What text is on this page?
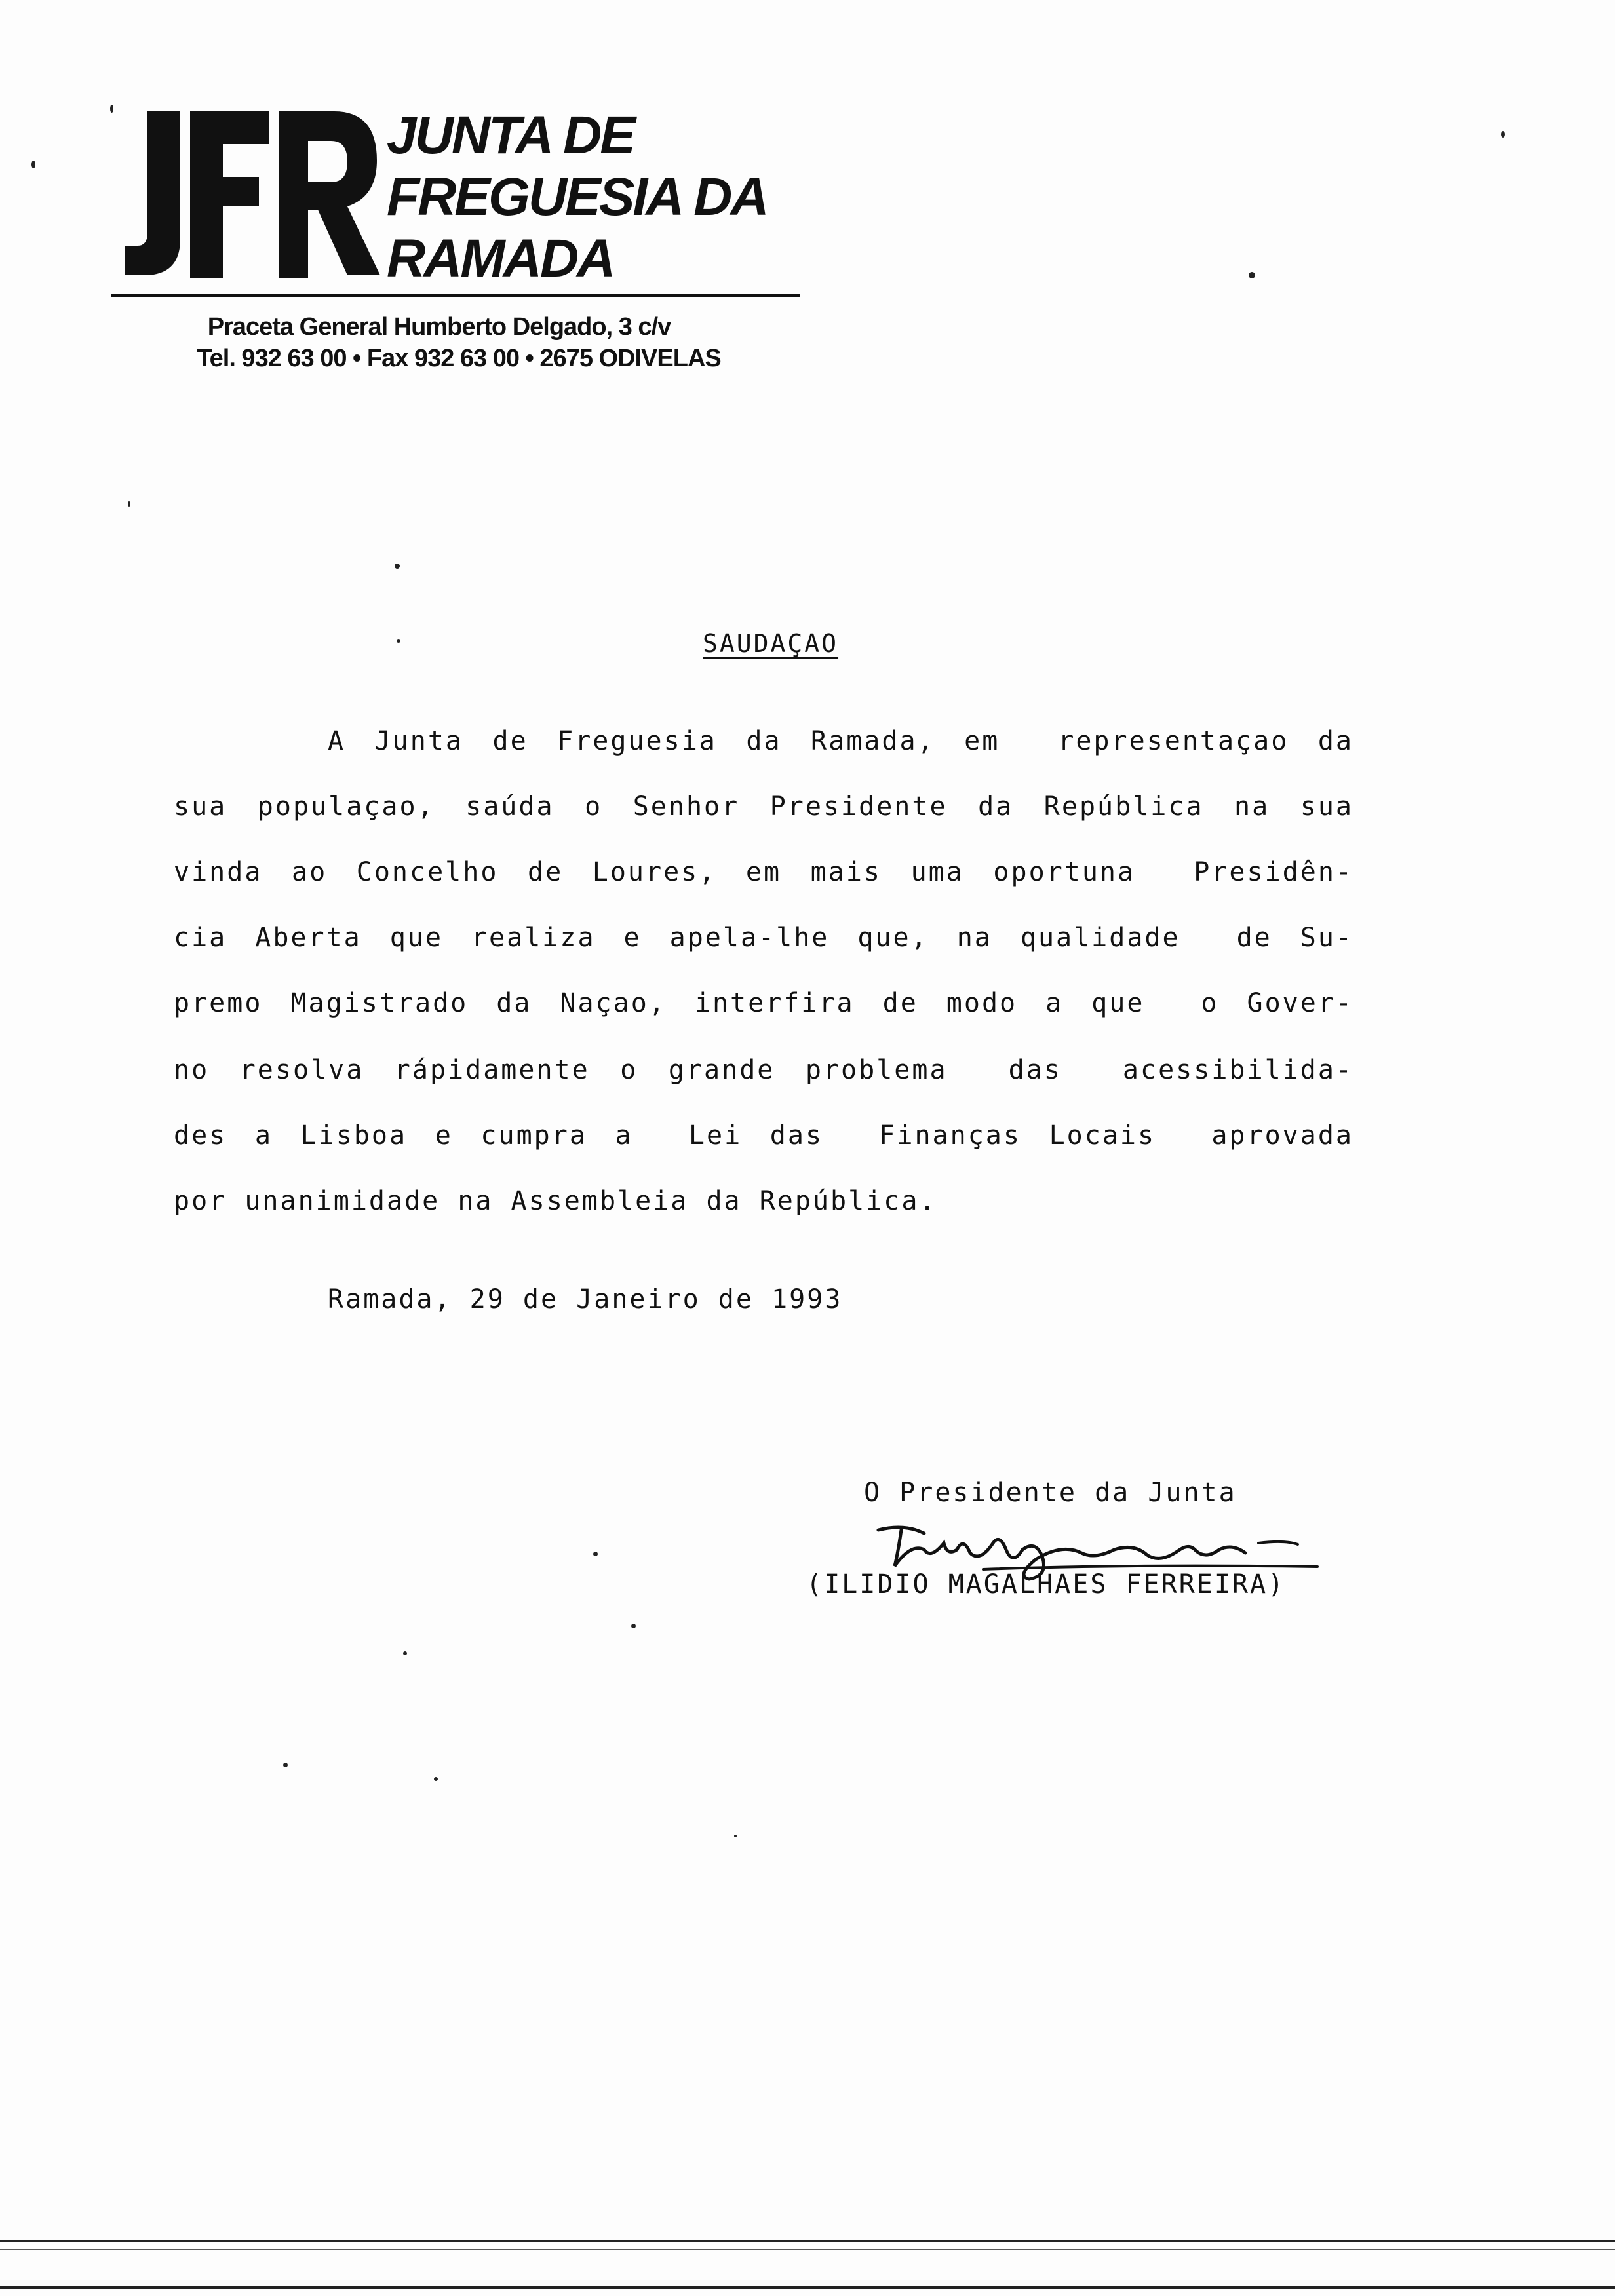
JUNTA DE
FREGUESIA DA
RAMADA
Praceta General Humberto Delgado, 3 c/v
Tel. 932 63 00 • Fax 932 63 00 • 2675 ODIVELAS
SAUDAÇAO
A Junta de Freguesia da Ramada, em  representaçao da
sua populaçao, saúda o Senhor Presidente da República na sua
vinda ao Concelho de Loures, em mais uma oportuna  Presidên-
cia Aberta que realiza e apela-lhe que, na qualidade  de Su-
premo Magistrado da Naçao, interfira de modo a que  o Gover-
no resolva rápidamente o grande problema  das  acessibilida-
des a Lisboa e cumpra a  Lei das  Finanças Locais  aprovada
por unanimidade na Assembleia da República.
Ramada, 29 de Janeiro de 1993
O Presidente da Junta
(ILIDIO MAGALHAES FERREIRA)
